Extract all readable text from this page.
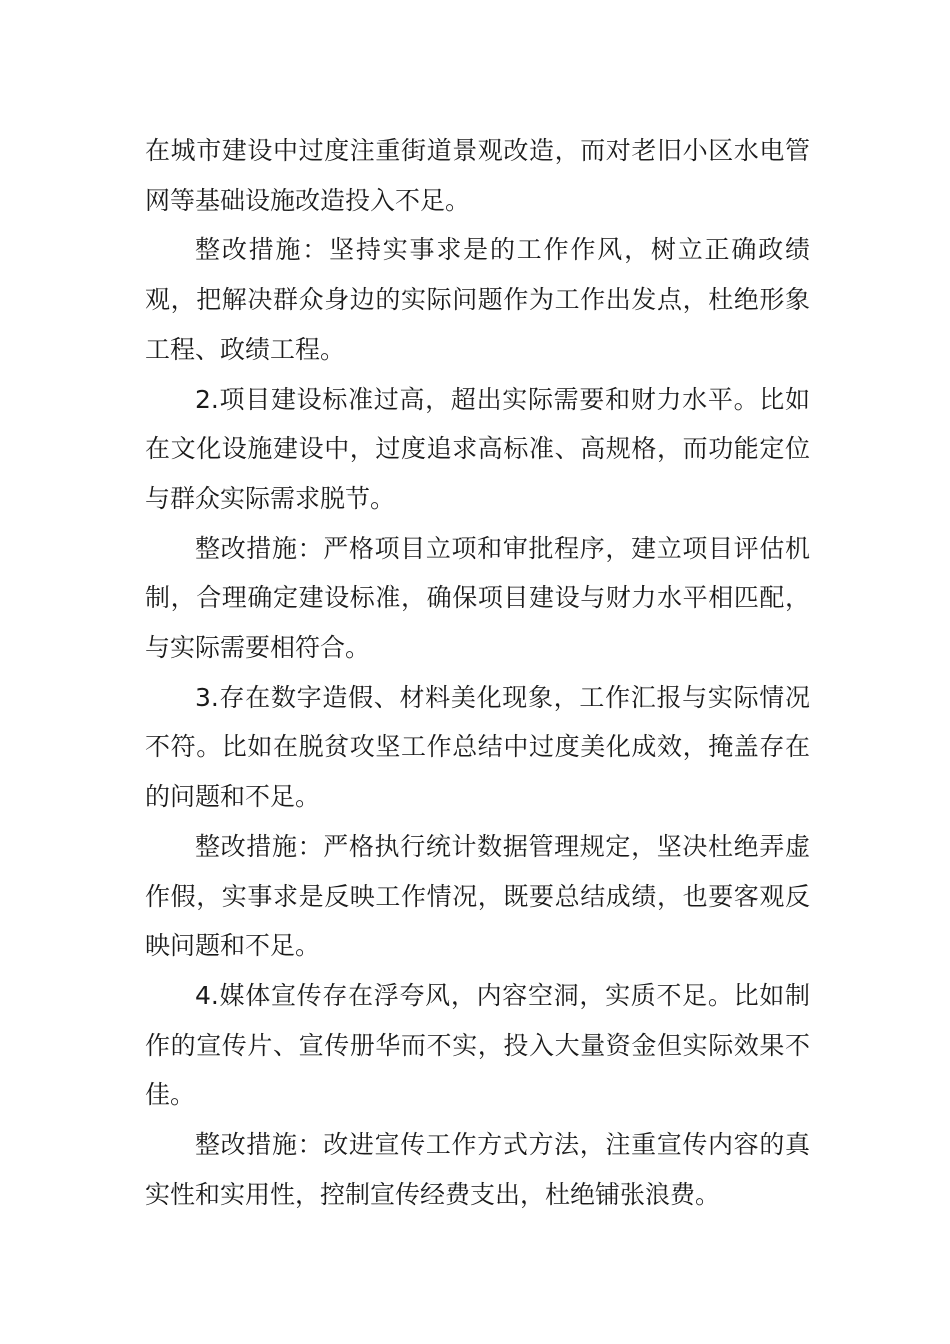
在城市建设中过度注重街道景观改造，而对老旧小区水电管网等基础设施改造投入不足。

整改措施：坚持实事求是的工作作风，树立正确政绩观，把解决群众身边的实际问题作为工作出发点，杜绝形象工程、政绩工程。

2.项目建设标准过高，超出实际需要和财力水平。比如在文化设施建设中，过度追求高标准、高规格，而功能定位与群众实际需求脱节。

整改措施：严格项目立项和审批程序，建立项目评估机制，合理确定建设标准，确保项目建设与财力水平相匹配，与实际需要相符合。

3.存在数字造假、材料美化现象，工作汇报与实际情况不符。比如在脱贫攻坚工作总结中过度美化成效，掩盖存在的问题和不足。

整改措施：严格执行统计数据管理规定，坚决杜绝弄虚作假，实事求是反映工作情况，既要总结成绩，也要客观反映问题和不足。

4.媒体宣传存在浮夸风，内容空洞，实质不足。比如制作的宣传片、宣传册华而不实，投入大量资金但实际效果不佳。

整改措施：改进宣传工作方式方法，注重宣传内容的真实性和实用性，控制宣传经费支出，杜绝铺张浪费。
